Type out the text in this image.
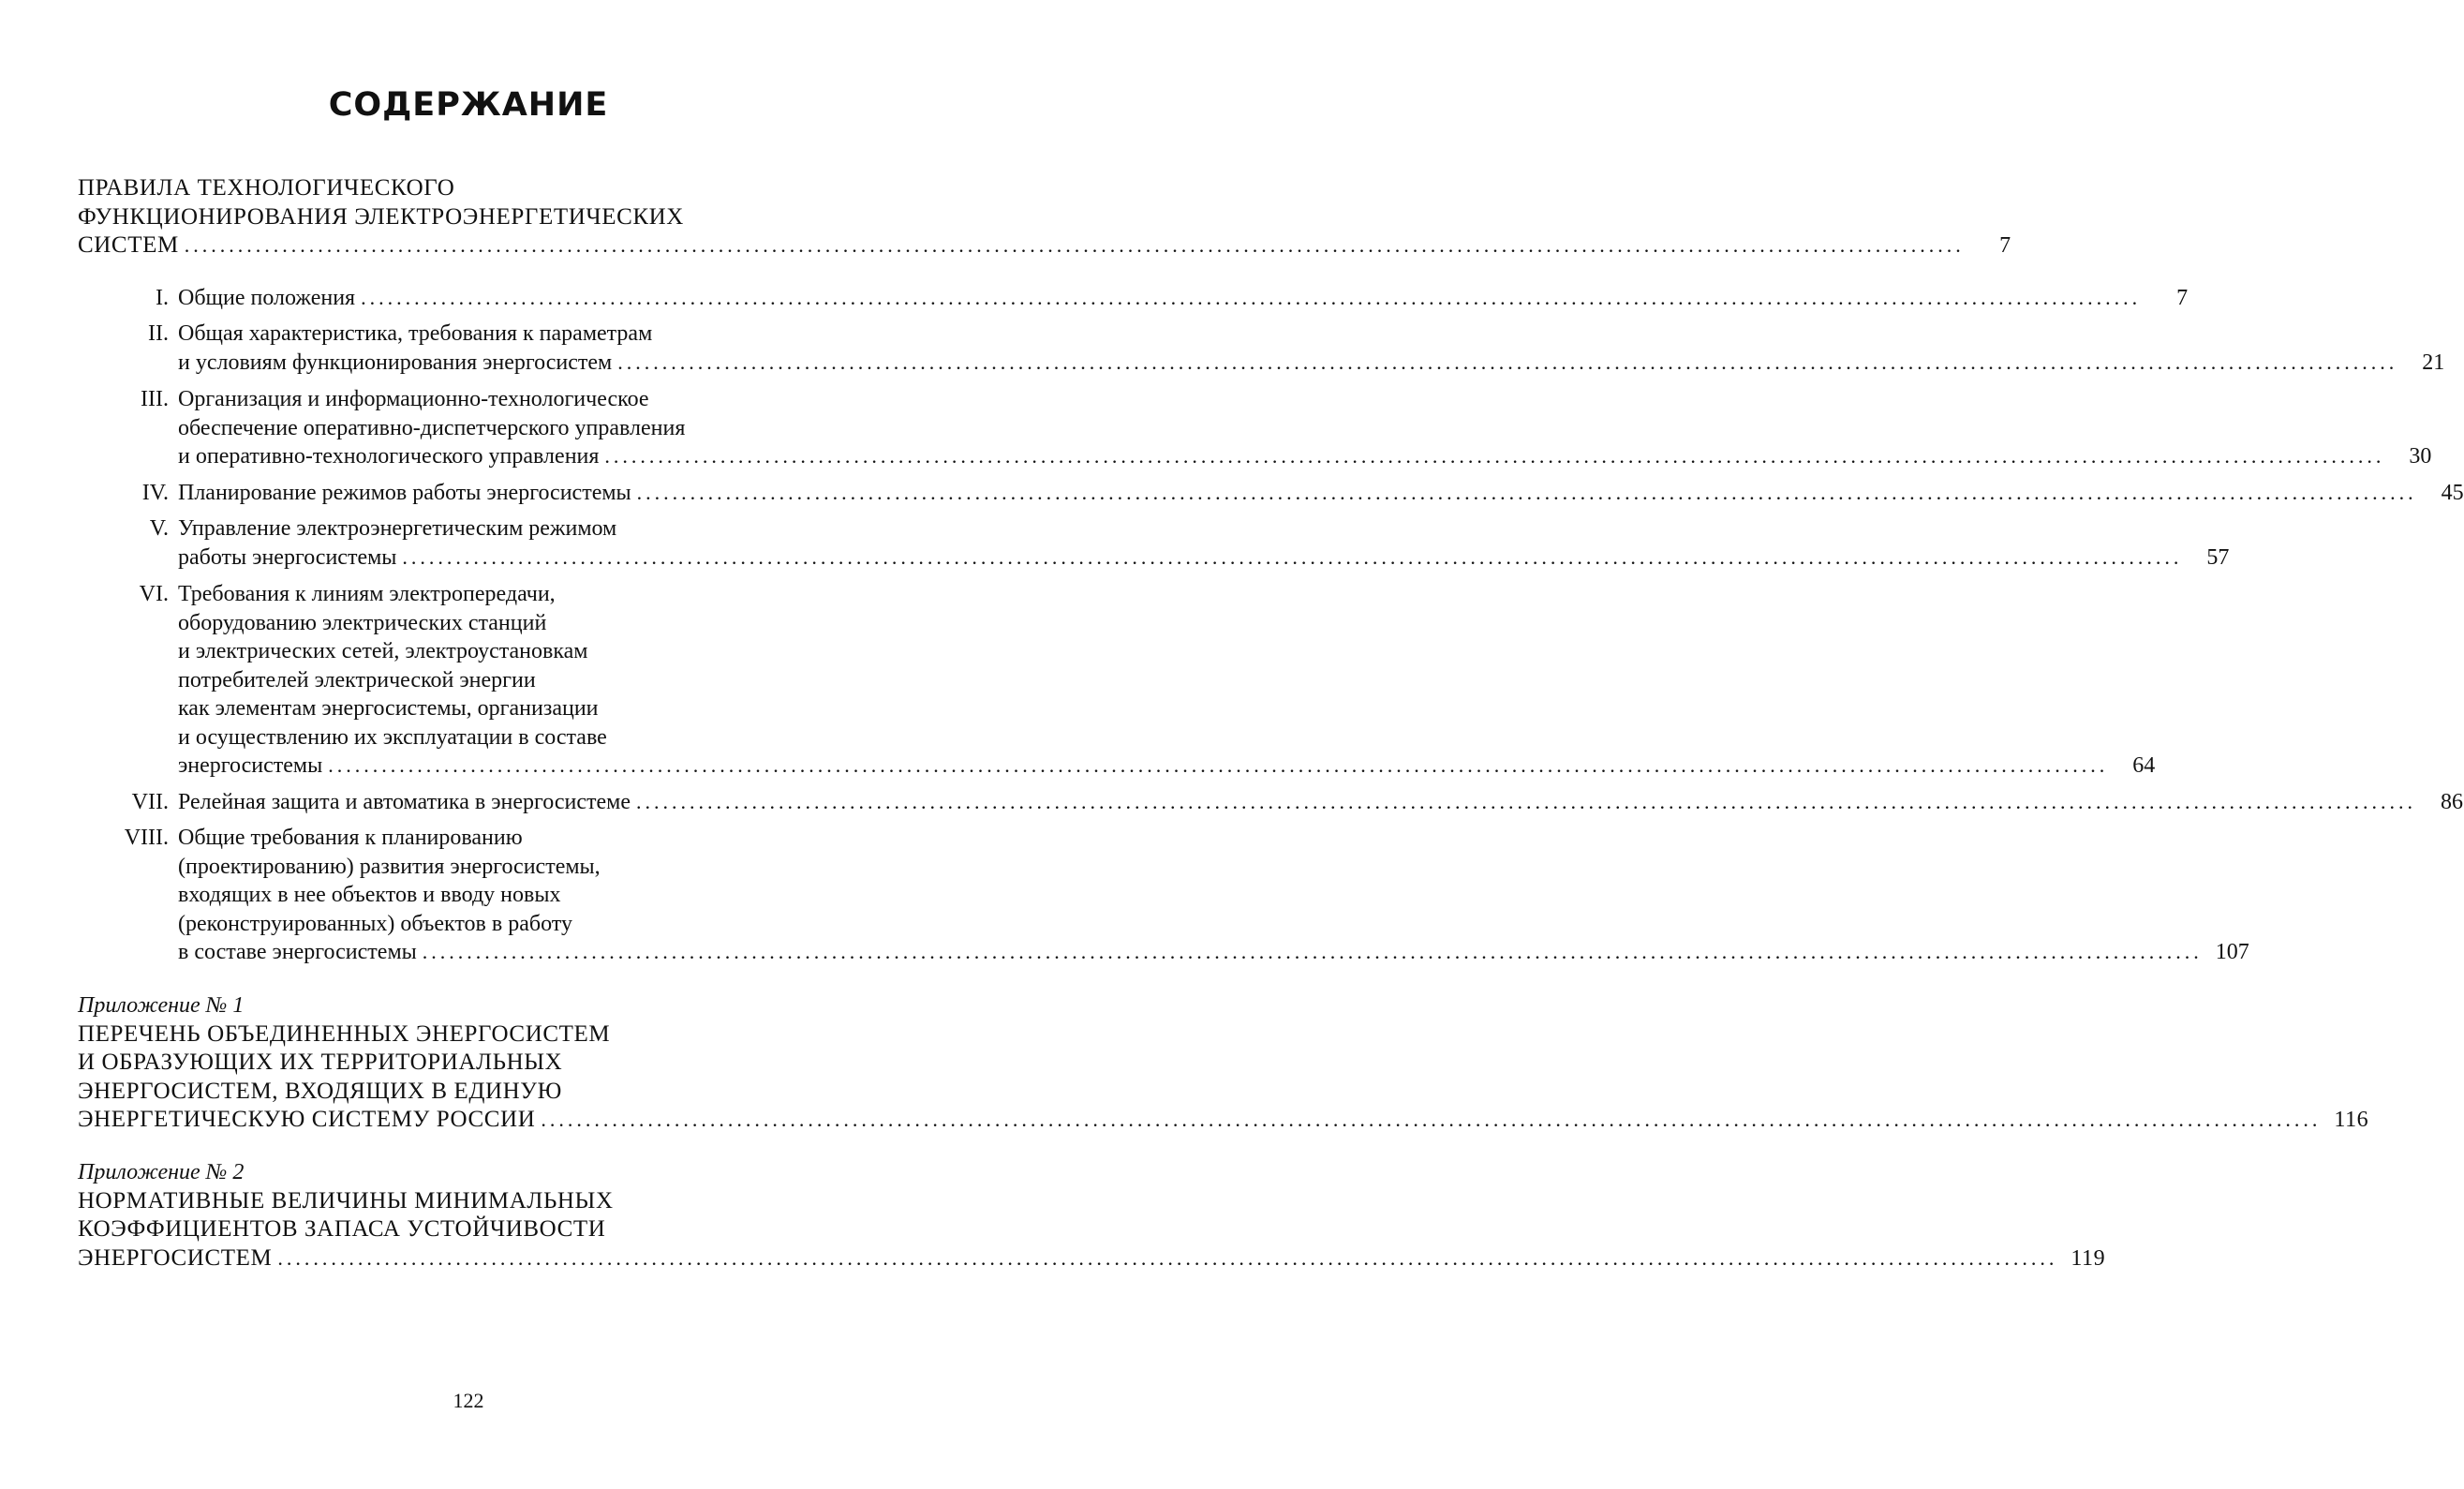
СОДЕРЖАНИЕ
ПРАВИЛА ТЕХНОЛОГИЧЕСКОГО
ФУНКЦИОНИРОВАНИЯ ЭЛЕКТРОЭНЕРГЕТИЧЕСКИХ
СИСТЕМ ........................................................................................................................................................................................................	7
I. Общие положения ........................................................................................................................................................................................................	7
II. Общая характеристика, требования к параметрам
и условиям функционирования энергосистем ........................................................................................................................................................................................................	21
III. Организация и информационно-технологическое
обеспечение оперативно-диспетчерского управления
и оперативно-технологического управления ........................................................................................................................................................................................................	30
IV. Планирование режимов работы энергосистемы ........................................................................................................................................................................................................	45
V. Управление электроэнергетическим режимом
работы энергосистемы ........................................................................................................................................................................................................	57
VI. Требования к линиям электропередачи,
оборудованию электрических станций
и электрических сетей, электроустановкам
потребителей электрической энергии
как элементам энергосистемы, организации
и осуществлению их эксплуатации в составе
энергосистемы ........................................................................................................................................................................................................	64
VII. Релейная защита и автоматика в энергосистеме ........................................................................................................................................................................................................	86
VIII. Общие требования к планированию
(проектированию) развития энергосистемы,
входящих в нее объектов и вводу новых
(реконструированных) объектов в работу
в составе энергосистемы ........................................................................................................................................................................................................ 107
Приложение № 1
ПЕРЕЧЕНЬ ОБЪЕДИНЕННЫХ ЭНЕРГОСИСТЕМ
И ОБРАЗУЮЩИХ ИХ ТЕРРИТОРИАЛЬНЫХ
ЭНЕРГОСИСТЕМ, ВХОДЯЩИХ В ЕДИНУЮ
ЭНЕРГЕТИЧЕСКУЮ СИСТЕМУ РОССИИ ........................................................................................................................................................................................................ 116
Приложение № 2
НОРМАТИВНЫЕ ВЕЛИЧИНЫ МИНИМАЛЬНЫХ
КОЭФФИЦИЕНТОВ ЗАПАСА УСТОЙЧИВОСТИ
ЭНЕРГОСИСТЕМ ........................................................................................................................................................................................................ 119
122
